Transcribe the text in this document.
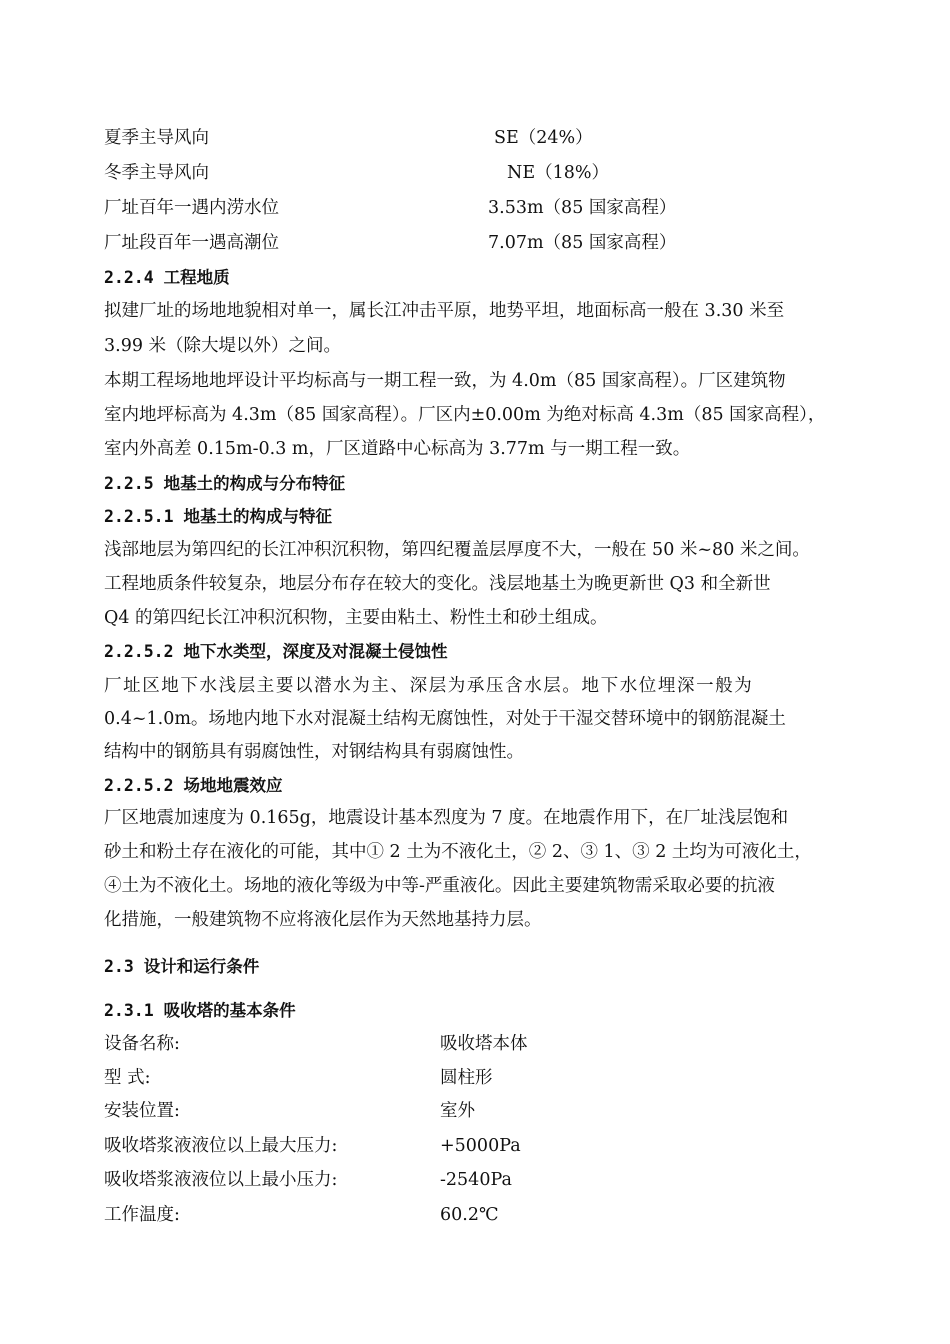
夏季主导风向	SE（24%）
冬季主导风向	NE（18%）
厂址百年一遇内涝水位	3.53m（85 国家高程）
厂址段百年一遇高潮位	7.07m（85 国家高程）
2.2.4 工程地质
拟建厂址的场地地貌相对单一，属长江冲击平原，地势平坦，地面标高一般在 3.30 米至
3.99 米（除大堤以外）之间。
本期工程场地地坪设计平均标高与一期工程一致，为 4.0m（85 国家高程）。厂区建筑物
室内地坪标高为 4.3m（85 国家高程）。厂区内±0.00m 为绝对标高 4.3m（85 国家高程），
室内外高差 0.15m-0.3 m，厂区道路中心标高为 3.77m 与一期工程一致。
2.2.5 地基土的构成与分布特征
2.2.5.1 地基土的构成与特征
浅部地层为第四纪的长江冲积沉积物，第四纪覆盖层厚度不大，一般在 50 米~80 米之间。
工程地质条件较复杂，地层分布存在较大的变化。浅层地基土为晚更新世 Q3 和全新世
Q4 的第四纪长江冲积沉积物，主要由粘土、粉性土和砂土组成。
2.2.5.2 地下水类型，深度及对混凝土侵蚀性
厂址区地下水浅层主要以潜水为主、深层为承压含水层。地下水位埋深一般为
0.4~1.0m。场地内地下水对混凝土结构无腐蚀性，对处于干湿交替环境中的钢筋混凝土
结构中的钢筋具有弱腐蚀性，对钢结构具有弱腐蚀性。
2.2.5.2 场地地震效应
厂区地震加速度为 0.165g，地震设计基本烈度为 7 度。在地震作用下，在厂址浅层饱和
砂土和粉土存在液化的可能，其中① 2 土为不液化土，② 2、③ 1、③ 2 土均为可液化土，
④土为不液化土。场地的液化等级为中等-严重液化。因此主要建筑物需采取必要的抗液
化措施，一般建筑物不应将液化层作为天然地基持力层。
2.3 设计和运行条件
2.3.1 吸收塔的基本条件
设备名称:	吸收塔本体
型 式:	圆柱形
安装位置:	室外
吸收塔浆液液位以上最大压力:	+5000Pa
吸收塔浆液液位以上最小压力:	-2540Pa
工作温度:	60.2℃
